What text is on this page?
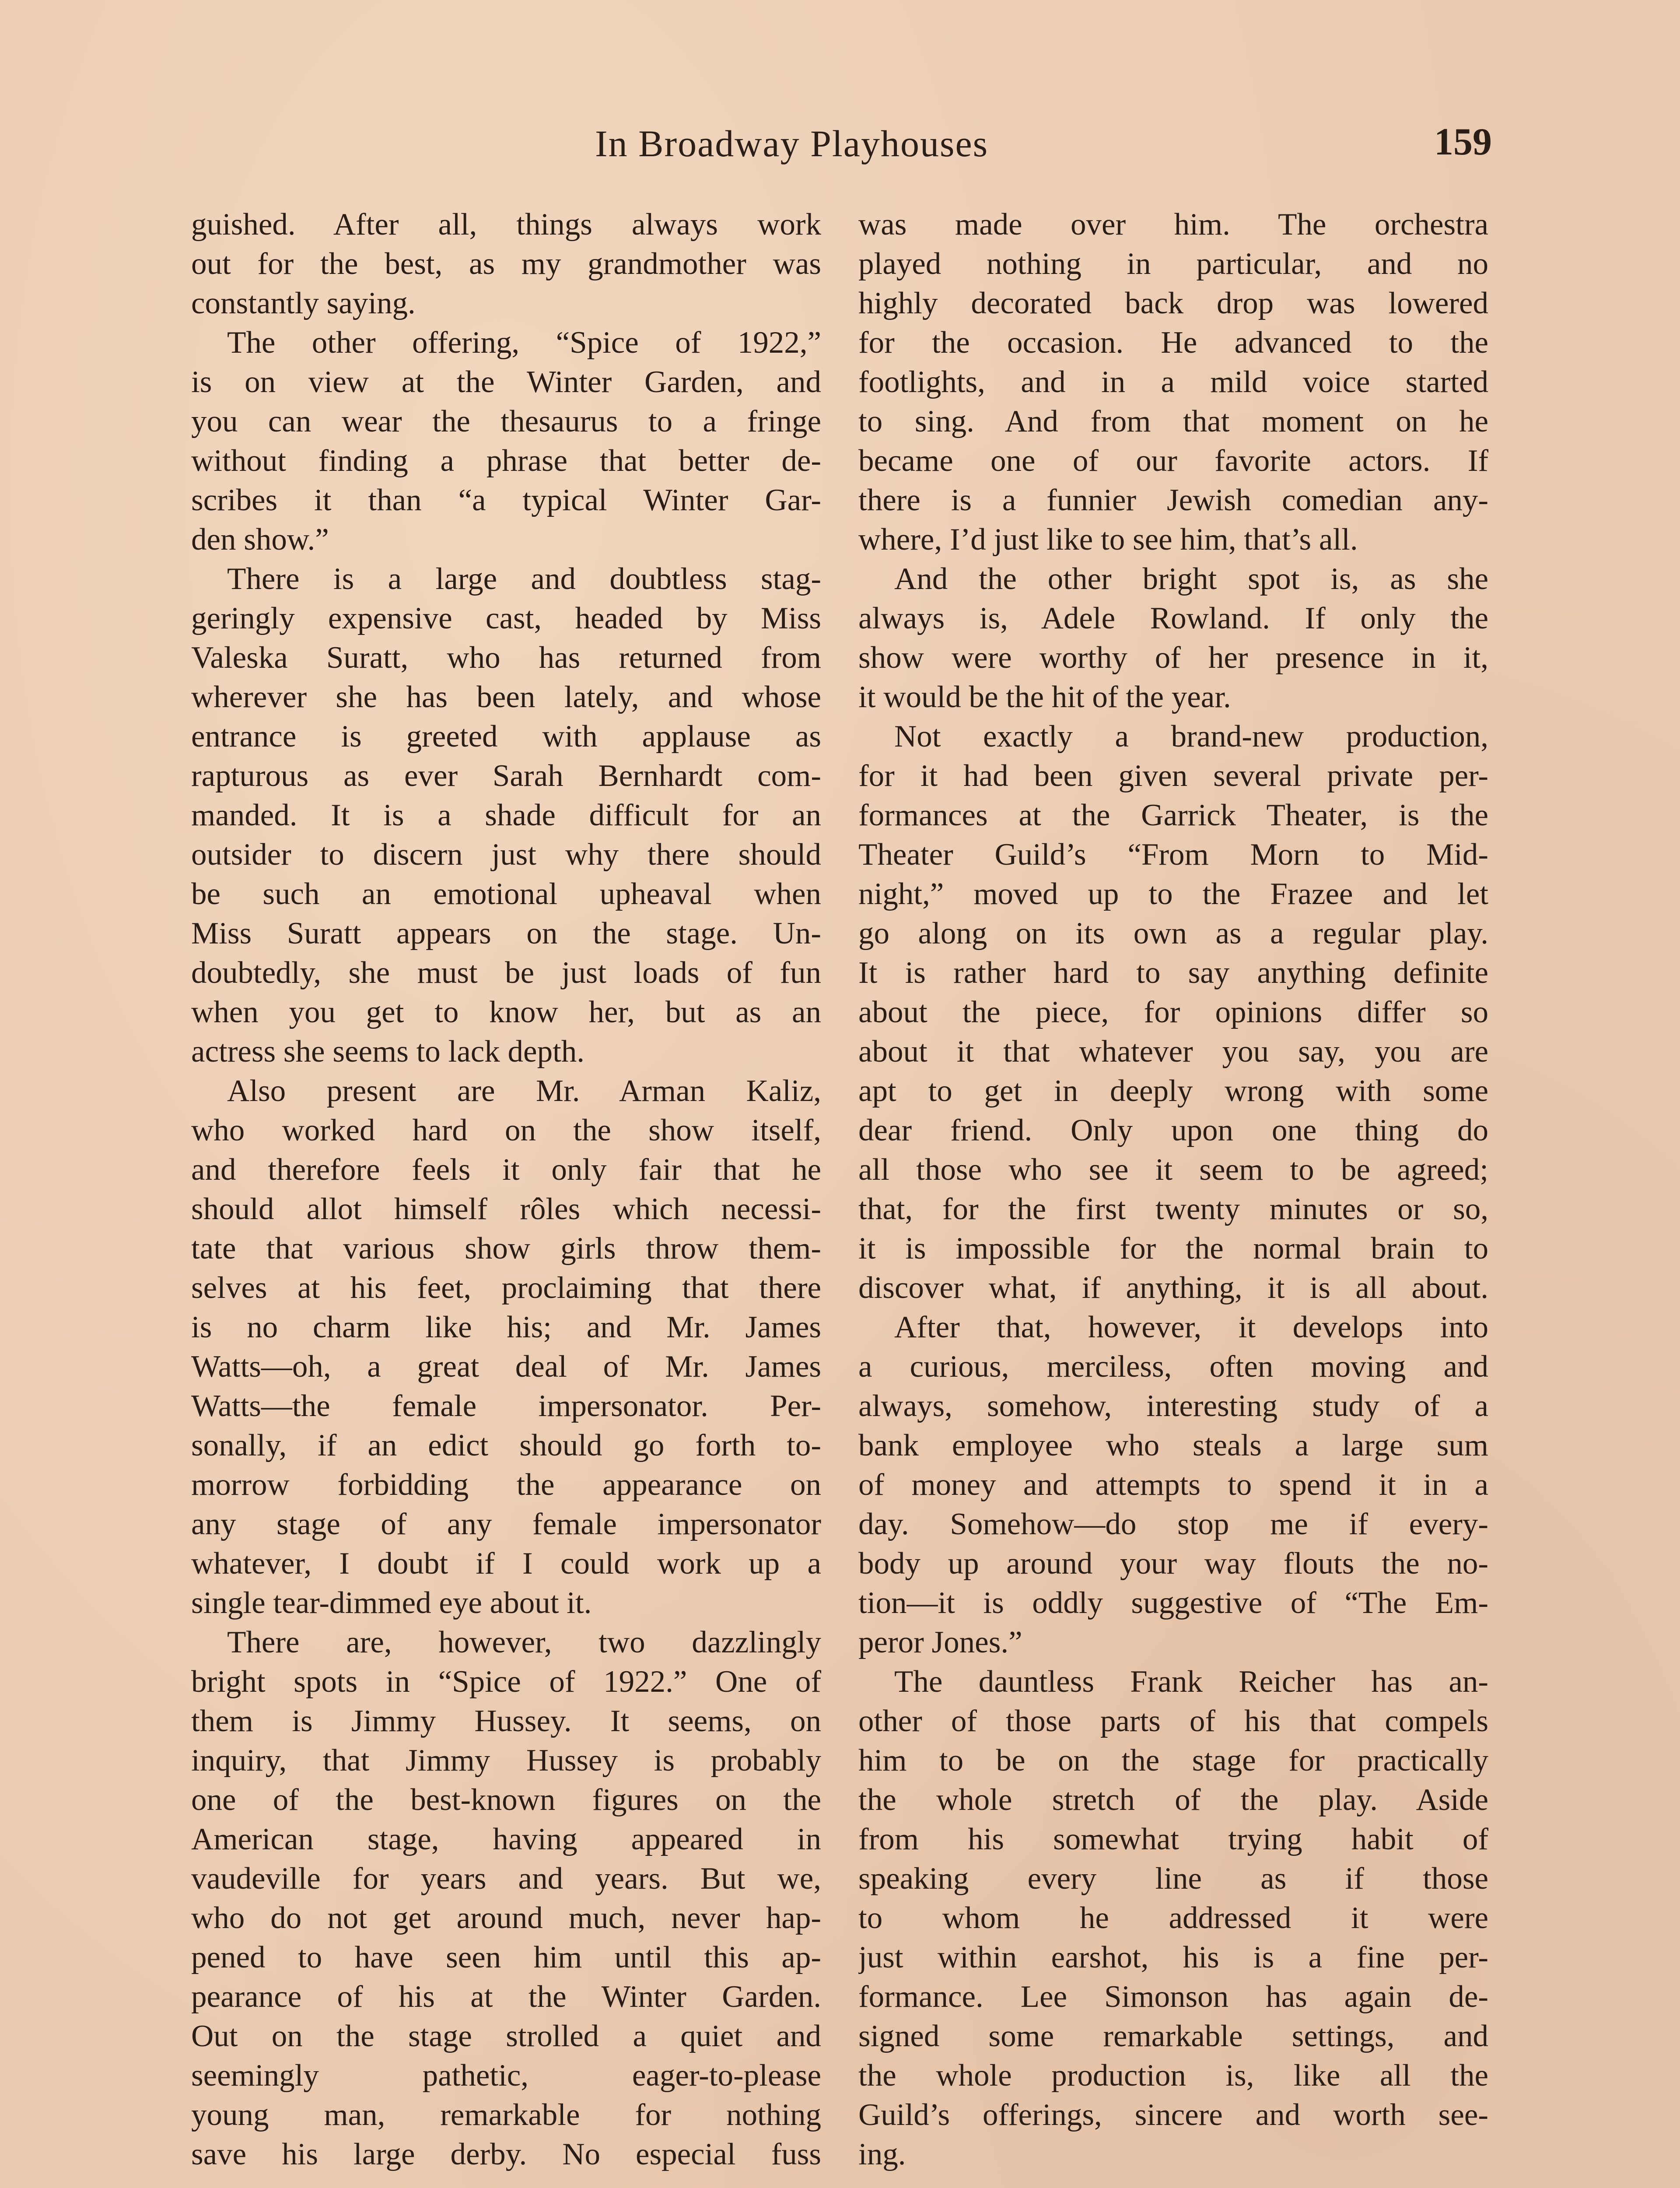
In Broadway Playhouses	159
guished. After all, things always work
out for the best, as my grandmother was
constantly saying.
The other offering, “Spice of 1922,”
is on view at the Winter Garden, and
you can wear the thesaurus to a fringe
without finding a phrase that better de-
scribes it than “a typical Winter Gar-
den show.”
There is a large and doubtless stag-
geringly expensive cast, headed by Miss
Valeska Suratt, who has returned from
wherever she has been lately, and whose
entrance is greeted with applause as
rapturous as ever Sarah Bernhardt com-
manded. It is a shade difficult for an
outsider to discern just why there should
be such an emotional upheaval when
Miss Suratt appears on the stage. Un-
doubtedly, she must be just loads of fun
when you get to know her, but as an
actress she seems to lack depth.
Also present are Mr. Arman Kaliz,
who worked hard on the show itself,
and therefore feels it only fair that he
should allot himself rôles which necessi-
tate that various show girls throw them-
selves at his feet, proclaiming that there
is no charm like his; and Mr. James
Watts—oh, a great deal of Mr. James
Watts—the female impersonator. Per-
sonally, if an edict should go forth to-
morrow forbidding the appearance on
any stage of any female impersonator
whatever, I doubt if I could work up a
single tear-dimmed eye about it.
There are, however, two dazzlingly
bright spots in “Spice of 1922.” One of
them is Jimmy Hussey. It seems, on
inquiry, that Jimmy Hussey is probably
one of the best-known figures on the
American stage, having appeared in
vaudeville for years and years. But we,
who do not get around much, never hap-
pened to have seen him until this ap-
pearance of his at the Winter Garden.
Out on the stage strolled a quiet and
seemingly pathetic, eager-to-please
young man, remarkable for nothing
save his large derby. No especial fuss
was made over him. The orchestra
played nothing in particular, and no
highly decorated back drop was lowered
for the occasion. He advanced to the
footlights, and in a mild voice started
to sing. And from that moment on he
became one of our favorite actors. If
there is a funnier Jewish comedian any-
where, I’d just like to see him, that’s all.
And the other bright spot is, as she
always is, Adele Rowland. If only the
show were worthy of her presence in it,
it would be the hit of the year.
Not exactly a brand-new production,
for it had been given several private per-
formances at the Garrick Theater, is the
Theater Guild’s “From Morn to Mid-
night,” moved up to the Frazee and let
go along on its own as a regular play.
It is rather hard to say anything definite
about the piece, for opinions differ so
about it that whatever you say, you are
apt to get in deeply wrong with some
dear friend. Only upon one thing do
all those who see it seem to be agreed;
that, for the first twenty minutes or so,
it is impossible for the normal brain to
discover what, if anything, it is all about.
After that, however, it develops into
a curious, merciless, often moving and
always, somehow, interesting study of a
bank employee who steals a large sum
of money and attempts to spend it in a
day. Somehow—do stop me if every-
body up around your way flouts the no-
tion—it is oddly suggestive of “The Em-
peror Jones.”
The dauntless Frank Reicher has an-
other of those parts of his that compels
him to be on the stage for practically
the whole stretch of the play. Aside
from his somewhat trying habit of
speaking every line as if those
to whom he addressed it were
just within earshot, his is a fine per-
formance. Lee Simonson has again de-
signed some remarkable settings, and
the whole production is, like all the
Guild’s offerings, sincere and worth see-
ing.
